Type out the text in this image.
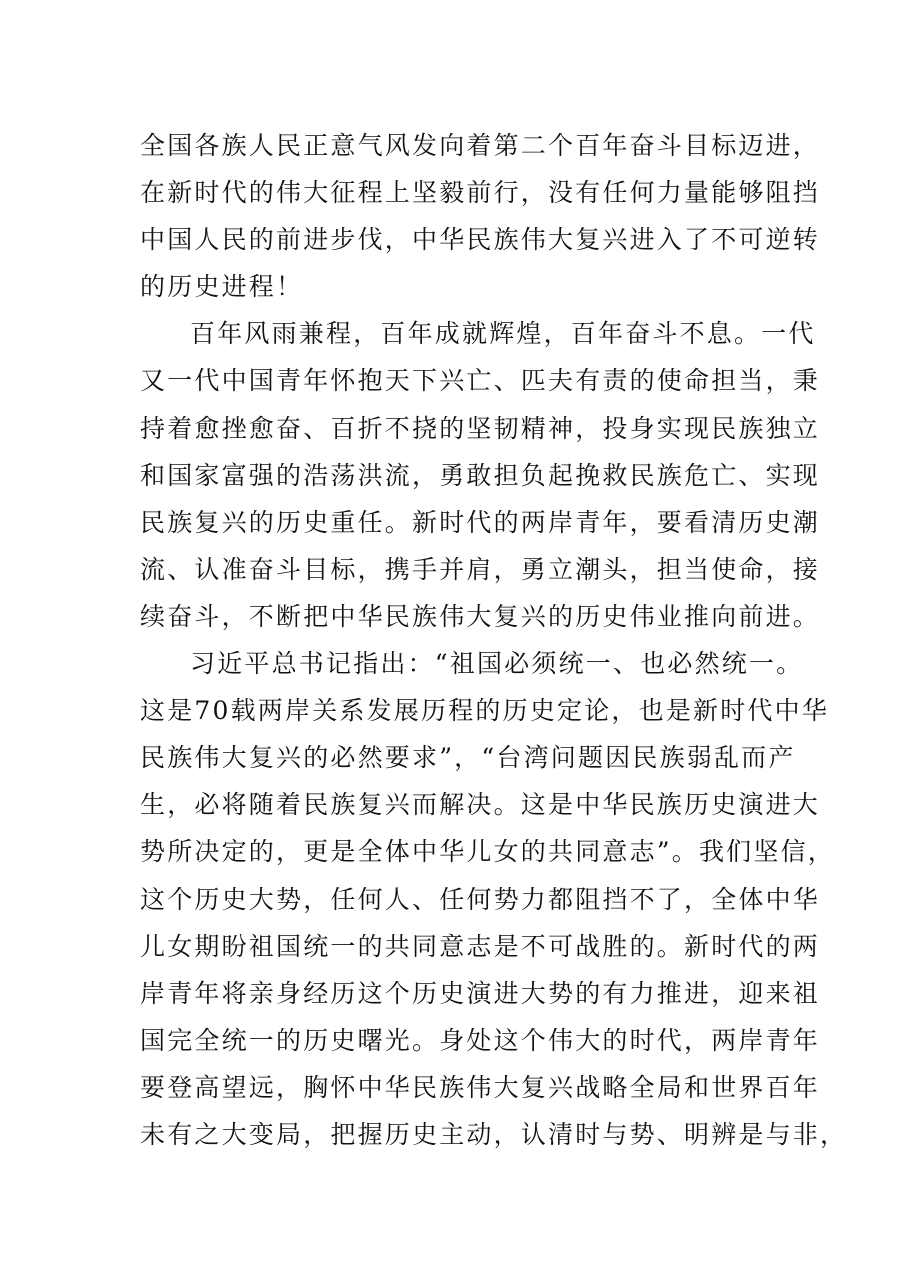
全国各族人民正意气风发向着第二个百年奋斗目标迈进，
在新时代的伟大征程上坚毅前行，没有任何力量能够阻挡
中国人民的前进步伐，中华民族伟大复兴进入了不可逆转
的历史进程！
百年风雨兼程，百年成就辉煌，百年奋斗不息。一代
又一代中国青年怀抱天下兴亡、匹夫有责的使命担当，秉
持着愈挫愈奋、百折不挠的坚韧精神，投身实现民族独立
和国家富强的浩荡洪流，勇敢担负起挽救民族危亡、实现
民族复兴的历史重任。新时代的两岸青年，要看清历史潮
流、认准奋斗目标，携手并肩，勇立潮头，担当使命，接
续奋斗，不断把中华民族伟大复兴的历史伟业推向前进。
习近平总书记指出：“祖国必须统一、也必然统一。
这是70载两岸关系发展历程的历史定论，也是新时代中华
民族伟大复兴的必然要求”，“台湾问题因民族弱乱而产
生，必将随着民族复兴而解决。这是中华民族历史演进大
势所决定的，更是全体中华儿女的共同意志”。我们坚信，
这个历史大势，任何人、任何势力都阻挡不了，全体中华
儿女期盼祖国统一的共同意志是不可战胜的。新时代的两
岸青年将亲身经历这个历史演进大势的有力推进，迎来祖
国完全统一的历史曙光。身处这个伟大的时代，两岸青年
要登高望远，胸怀中华民族伟大复兴战略全局和世界百年
未有之大变局，把握历史主动，认清时与势、明辨是与非，
